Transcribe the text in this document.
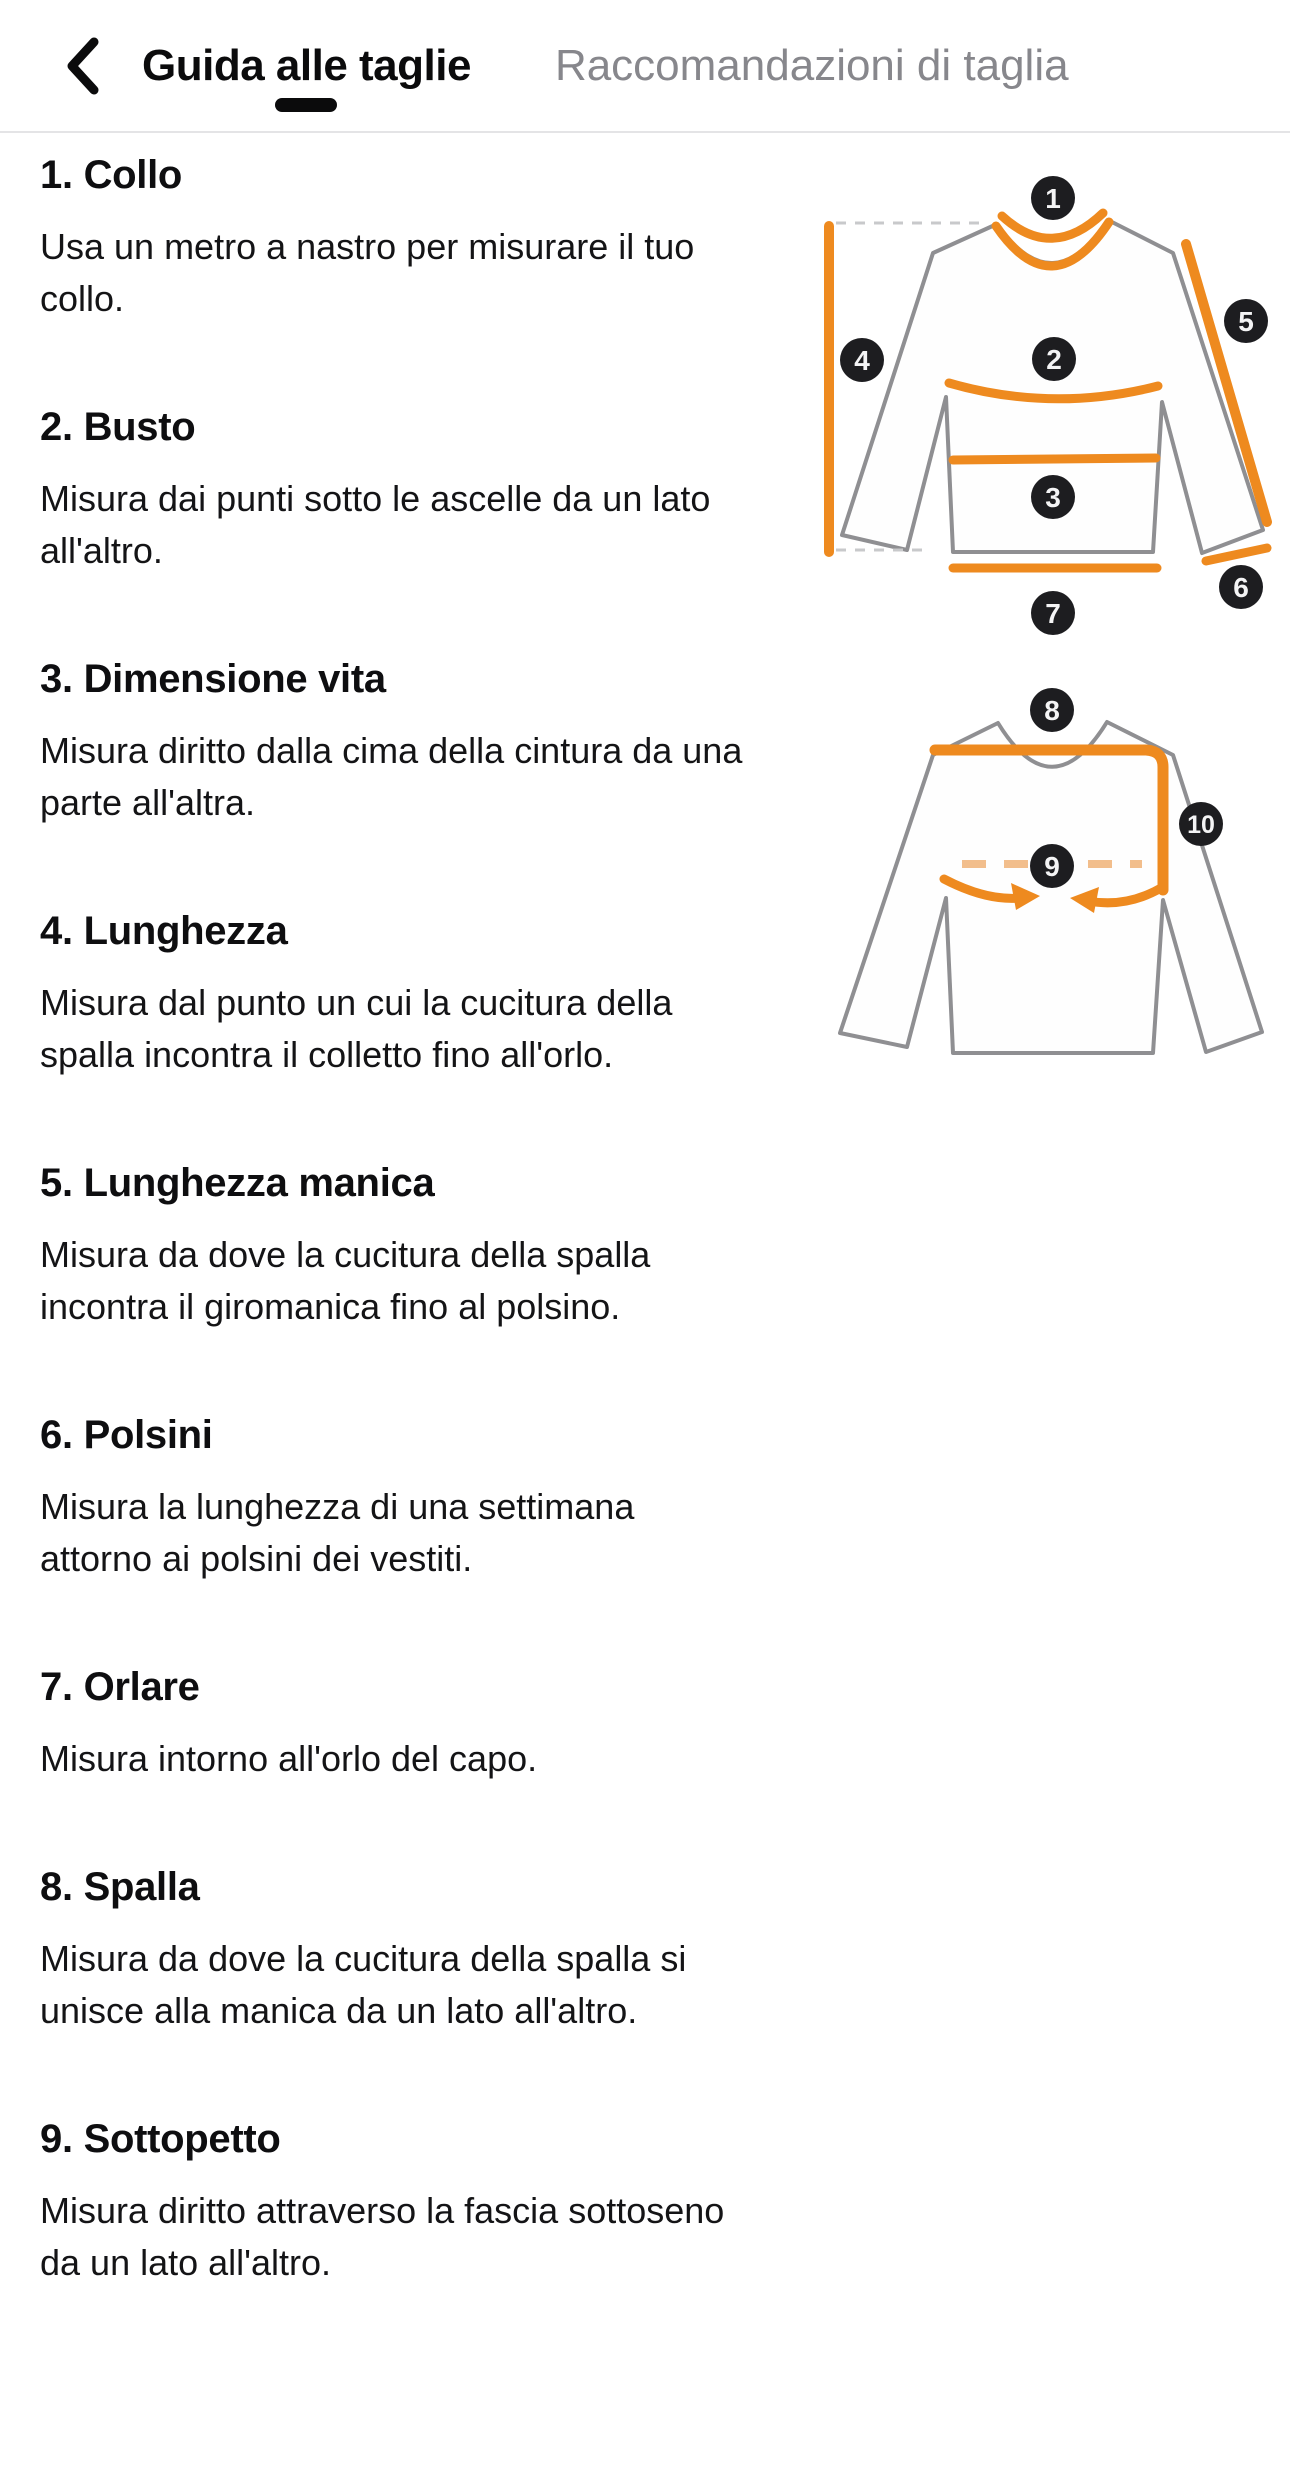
Guida alle taglie Raccomandazioni di taglia
1. Collo

Usa un metro a nastro per misurare il tuo collo.

2. Busto

Misura dai punti sotto le ascelle da un lato all'altro.

3. Dimensione vita

Misura diritto dalla cima della cintura da una parte all'altra.

4. Lunghezza

Misura dal punto un cui la cucitura della spalla incontra il colletto fino all'orlo.

5. Lunghezza manica

Misura da dove la cucitura della spalla incontra il giromanica fino al polsino.

6. Polsini

Misura la lunghezza di una settimana attorno ai polsini dei vestiti.

7. Orlare

Misura intorno all'orlo del capo.

8. Spalla

Misura da dove la cucitura della spalla si unisce alla manica da un lato all'altro.

9. Sottopetto

Misura diritto attraverso la fascia sottoseno da un lato all'altro.

1
2
3
4
5
6
7
8
9
10
